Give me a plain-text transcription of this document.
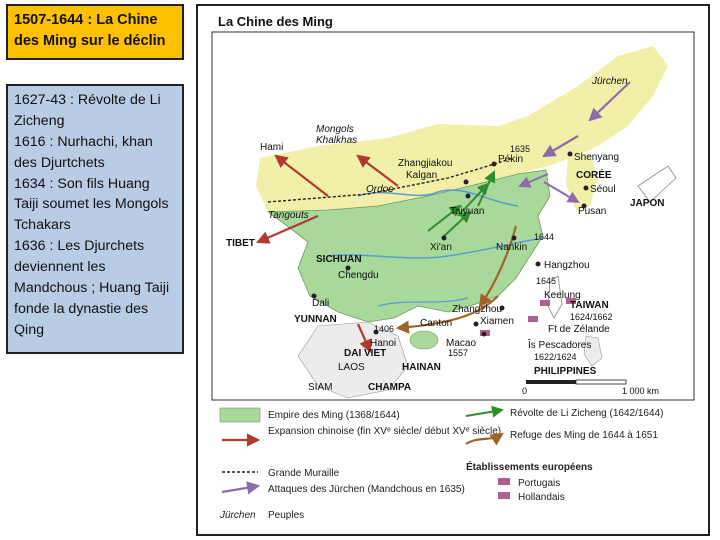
1507-1644 : La Chine des Ming sur le déclin
1627-43 : Révolte de Li Zicheng
1616 : Nurhachi, khan des Djurtchets
1634 : Son fils Huang Taiji soumet les Mongols Tchakars
1636 : Les Djurchets deviennent les Mandchous ; Huang Taiji fonde la dynastie des Qing
La Chine des Ming
Jürchen
Mongols
Khalkhas
Hami
Zhangjiakou
Kalgan
Ordos
Pékin	Shenyang
1635
CORÉE
Séoul
Pusan
JAPON
Tangouts	Taiyuan
TIBET	Xi'an	Nankin
1644
SICHUAN
Chengdu
Hangzhou
1645
Dali
Keelung
TAIWAN
1624/1662
YUNNAN
Zhangzhou
Xiamen
Ft de Zélande
Canton
1406
Hanoi	Macao
1557
Îs Pescadores
1622/1624
DAI VIET
LAOS	HAINAN	PHILIPPINES
SIAM	CHAMPA	0	1 000 km
Empire des Ming (1368/1644)
Expansion chinoise (fin XVᵉ siècle/ début XVᵉ siècle)
Grande Muraille
Attaques des Jürchen (Mandchous en 1635)
Jürchen Peuples
Révolte de Li Zicheng (1642/1644)
Refuge des Ming de 1644 à 1651
Établissements européens
Portugais
Hollandais
